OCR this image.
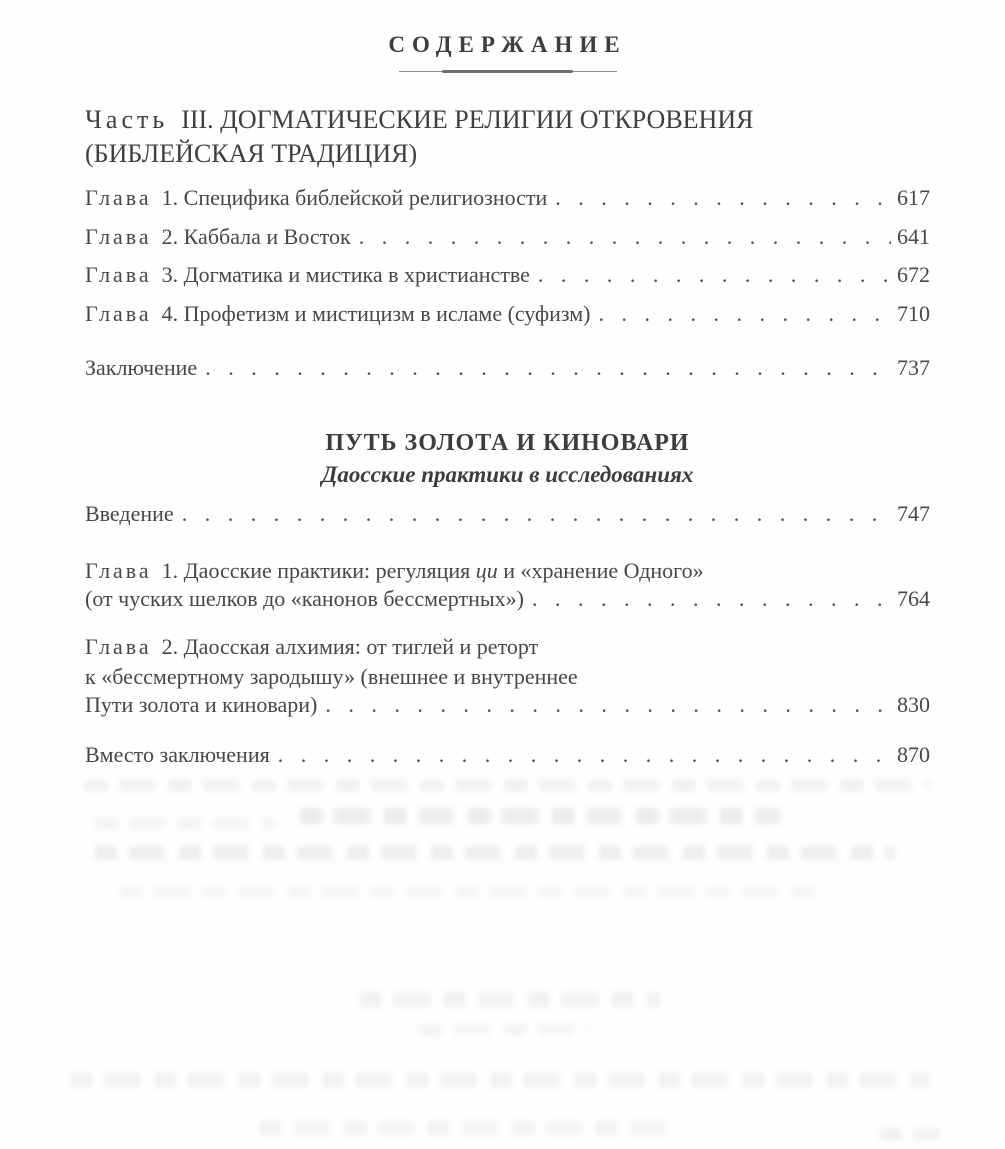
СОДЕРЖАНИЕ
Часть III. ДОГМАТИЧЕСКИЕ РЕЛИГИИ ОТКРОВЕНИЯ
(БИБЛЕЙСКАЯ ТРАДИЦИЯ)
Глава 1. Специфика библейской религиозности . . .	617
Глава 2. Каббала и Восток . . .	641
Глава 3. Догматика и мистика в христианстве . . .	672
Глава 4. Профетизм и мистицизм в исламе (суфизм) . . .	710
Заключение . . .	737
ПУТЬ ЗОЛОТА И КИНОВАРИ
Даосские практики в исследованиях
Введение . . .	747
Глава 1. Даосские практики: регуляция ци и «хранение Одного»
(от чуских шелков до «канонов бессмертных») . . .	764
Глава 2. Даосская алхимия: от тиглей и реторт
к «бессмертному зародышу» (внешнее и внутреннее
Пути золота и киновари) . . .	830
Вместо заключения . . .	870
